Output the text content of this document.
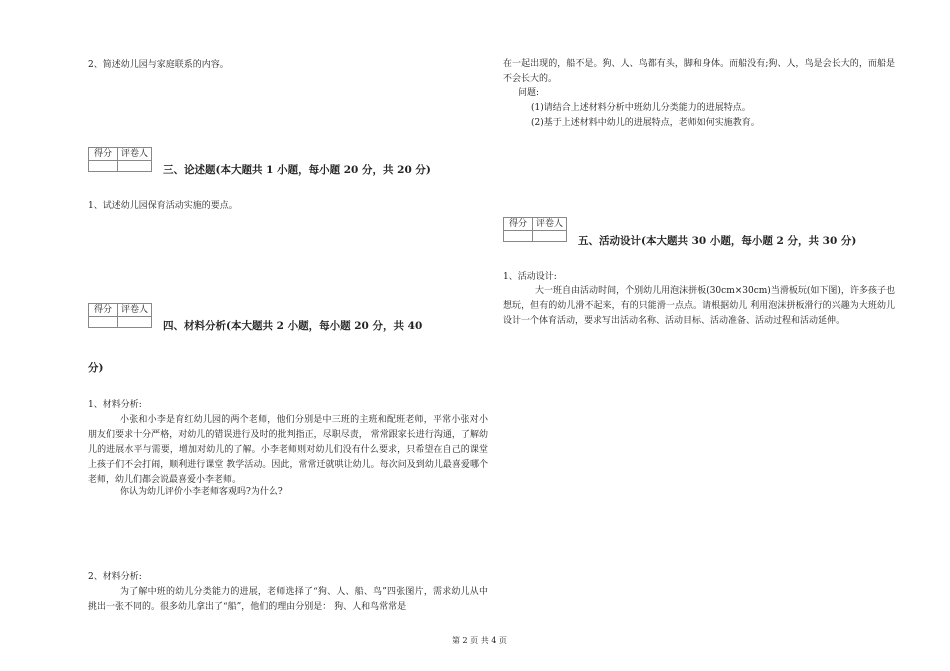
2、简述幼儿园与家庭联系的内容。
得分	评卷人

三、论述题(本大题共 1 小题，每小题 20 分，共 20 分)
1、试述幼儿园保育活动实施的要点。
得分	评卷人

四、材料分析(本大题共 2 小题，每小题 20 分，共 40
分)
1、材料分析:
小张和小李是育红幼儿园的两个老师，他们分别是中三班的主班和配班老师，平常小张对小朋友们要求十分严格，对幼儿的错误进行及时的批判指正，尽职尽责， 常常跟家长进行沟通，了解幼儿的进展水平与需要，增加对幼儿的了解。小李老师则对幼儿们没有什么要求，只希望在自己的课堂上孩子们不会打闹，顺利进行课堂 教学活动。因此，常常迁就哄让幼儿。每次问及到幼儿最喜爱哪个老师，幼儿们都会说最喜爱小李老师。
你认为幼儿评价小李老师客观吗?为什么?
2、材料分析:
为了解中班的幼儿分类能力的进展，老师选择了“狗、人、船、鸟”四张图片，需求幼儿从中挑出一张不同的。很多幼儿拿出了“船”，他们的理由分别是： 狗、人和鸟常常是
在一起出现的，船不是。狗、人、鸟都有头，脚和身体。而船没有;狗、人，鸟是会长大的，而船是不会长大的。
问题:
(1)请结合上述材料分析中班幼儿分类能力的进展特点。
(2)基于上述材料中幼儿的进展特点，老师如何实施教育。
得分	评卷人

五、活动设计(本大题共 30 小题，每小题 2 分，共 30 分)
1、活动设计:
大一班自由活动时间，个别幼儿用泡沫拼板(30cm×30cm)当滑板玩(如下图)，许多孩子也想玩，但有的幼儿滑不起来，有的只能滑一点点。请根据幼儿 利用泡沫拼板滑行的兴趣为大班幼儿设计一个体育活动，要求写出活动名称、活动目标、活动准备、活动过程和活动延伸。
第 2 页 共 4 页
